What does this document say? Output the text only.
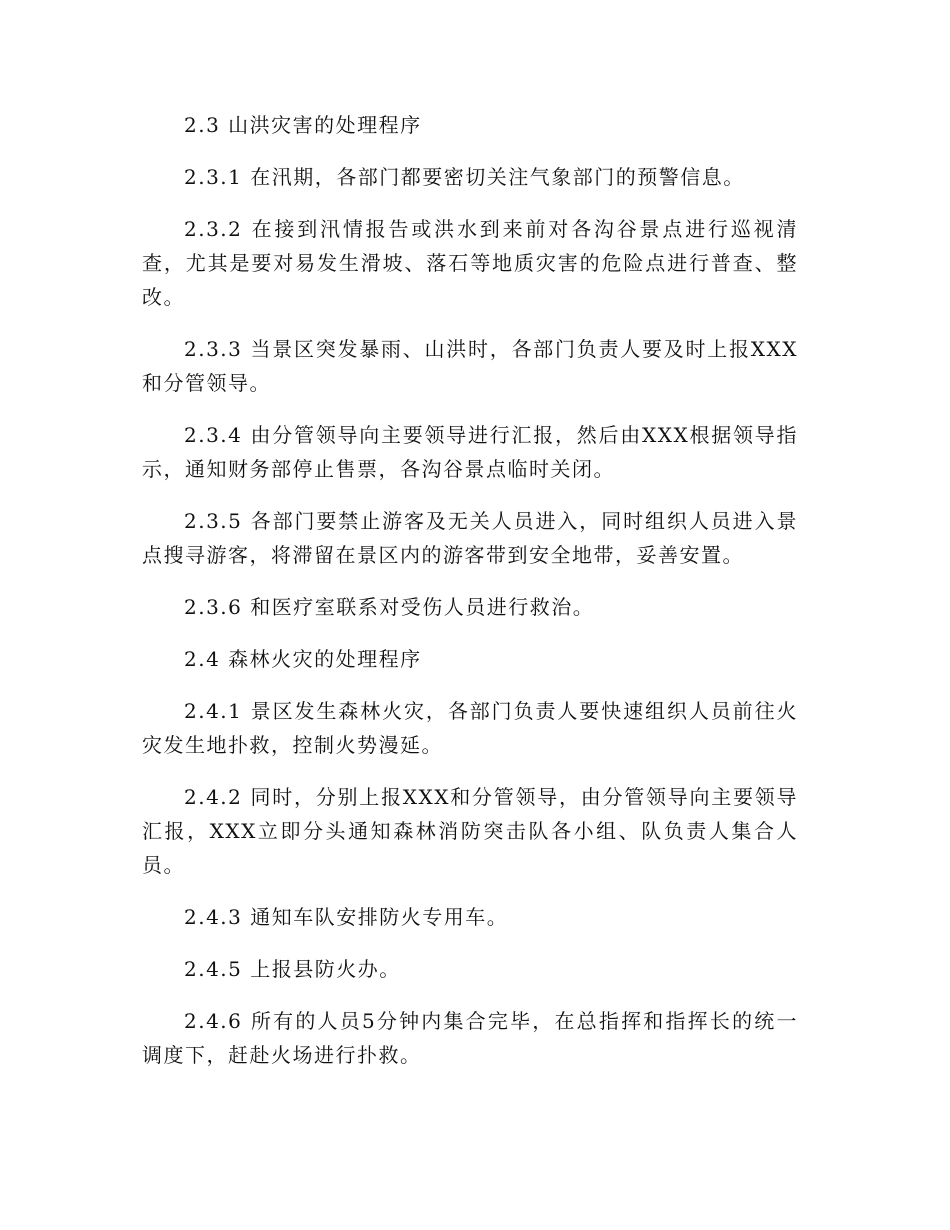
2.3 山洪灾害的处理程序

2.3.1 在汛期，各部门都要密切关注气象部门的预警信息。

2.3.2 在接到汛情报告或洪水到来前对各沟谷景点进行巡视清查，尤其是要对易发生滑坡、落石等地质灾害的危险点进行普查、整改。

2.3.3 当景区突发暴雨、山洪时，各部门负责人要及时上报XXX和分管领导。

2.3.4 由分管领导向主要领导进行汇报，然后由XXX根据领导指示，通知财务部停止售票，各沟谷景点临时关闭。

2.3.5 各部门要禁止游客及无关人员进入，同时组织人员进入景点搜寻游客，将滞留在景区内的游客带到安全地带，妥善安置。

2.3.6 和医疗室联系对受伤人员进行救治。

2.4 森林火灾的处理程序

2.4.1 景区发生森林火灾，各部门负责人要快速组织人员前往火灾发生地扑救，控制火势漫延。

2.4.2 同时，分别上报XXX和分管领导，由分管领导向主要领导汇报，XXX立即分头通知森林消防突击队各小组、队负责人集合人员。

2.4.3 通知车队安排防火专用车。

2.4.5 上报县防火办。

2.4.6 所有的人员5分钟内集合完毕，在总指挥和指挥长的统一调度下，赶赴火场进行扑救。
